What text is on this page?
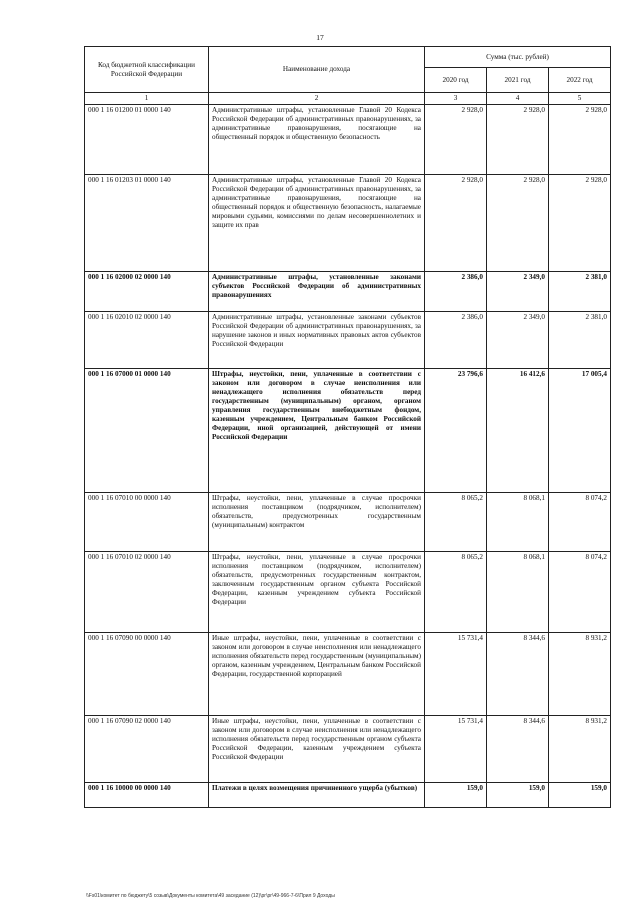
17
Код бюджетной классификации Российской Федерации	Наименование дохода	Сумма (тыс. рублей)		
		2020 год	2021 год	2022 год
1	2	3	4	5
000 1 16 01200 01 0000 140	Административные штрафы, установленные Главой 20 Кодекса Российской Федерации об административных правонарушениях, за административные правонарушения, посягающие на общественный порядок и общественную безопасность	2 928,0	2 928,0	2 928,0
000 1 16 01203 01 0000 140	Административные штрафы, установленные Главой 20 Кодекса Российской Федерации об административных правонарушениях, за административные правонарушения, посягающие на общественный порядок и общественную безопасность, налагаемые мировыми судьями, комиссиями по делам несовершеннолетних и защите их прав	2 928,0	2 928,0	2 928,0
000 1 16 02000 02 0000 140	Административные штрафы, установленные законами субъектов Российской Федерации об административных правонарушениях	2 386,0	2 349,0	2 381,0
000 1 16 02010 02 0000 140	Административные штрафы, установленные законами субъектов Российской Федерации об административных правонарушениях, за нарушение законов и иных нормативных правовых актов субъектов Российской Федерации	2 386,0	2 349,0	2 381,0
000 1 16 07000 01 0000 140	Штрафы, неустойки, пени, уплаченные в соответствии с законом или договором в случае неисполнения или ненадлежащего исполнения обязательств перед государственным (муниципальным) органом, органом управления государственным внебюджетным фондом, казенным учреждением, Центральным банком Российской Федерации, иной организацией, действующей от имени Российской Федерации	23 796,6	16 412,6	17 005,4
000 1 16 07010 00 0000 140	Штрафы, неустойки, пени, уплаченные в случае просрочки исполнения поставщиком (подрядчиком, исполнителем) обязательств, предусмотренных государственным (муниципальным) контрактом	8 065,2	8 068,1	8 074,2
000 1 16 07010 02 0000 140	Штрафы, неустойки, пени, уплаченные в случае просрочки исполнения поставщиком (подрядчиком, исполнителем) обязательств, предусмотренных государственным контрактом, заключенным государственным органом субъекта Российской Федерации, казенным учреждением субъекта Российской Федерации	8 065,2	8 068,1	8 074,2
000 1 16 07090 00 0000 140	Иные штрафы, неустойки, пени, уплаченные в соответствии с законом или договором в случае неисполнения или ненадлежащего исполнения обязательств перед государственным (муниципальным) органом, казенным учреждением, Центральным банком Российской Федерации, государственной корпорацией	15 731,4	8 344,6	8 931,2
000 1 16 07090 02 0000 140	Иные штрафы, неустойки, пени, уплаченные в соответствии с законом или договором в случае неисполнения или ненадлежащего исполнения обязательств перед государственным органом субъекта Российской Федерации, казенным учреждением субъекта Российской Федерации	15 731,4	8 344,6	8 931,2
000 1 16 10000 00 0000 140	Платежи в целях возмещения причиненного ущерба (убытков)	159,0	159,0	159,0
\\Fs01\комитет по бюджету\5 созыв\Документы комитета\49 заседание (12)\рг\рг\49-966-7-6\Прил 9 Доходы
